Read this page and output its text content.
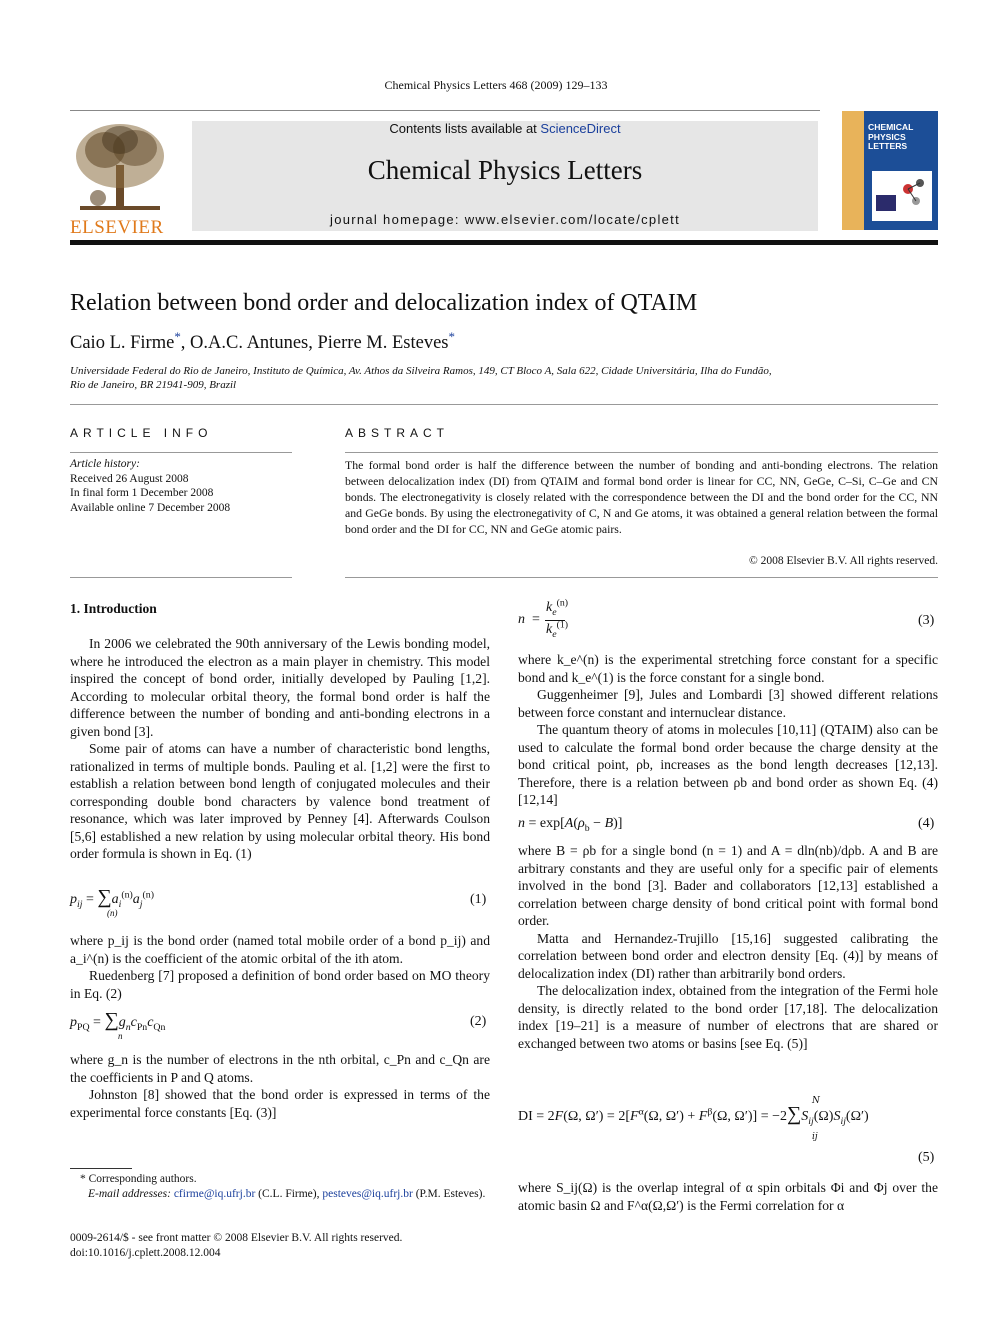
Chemical Physics Letters 468 (2009) 129–133
ELSEVIER
Contents lists available at ScienceDirect
Chemical Physics Letters
journal homepage: www.elsevier.com/locate/cplett
CHEMICAL PHYSICS LETTERS
Relation between bond order and delocalization index of QTAIM
Caio L. Firme*, O.A.C. Antunes, Pierre M. Esteves*
Universidade Federal do Rio de Janeiro, Instituto de Química, Av. Athos da Silveira Ramos, 149, CT Bloco A, Sala 622, Cidade Universitária, Ilha do Fundão,
Rio de Janeiro, BR 21941-909, Brazil
ARTICLE INFO
Article history:
Received 26 August 2008
In final form 1 December 2008
Available online 7 December 2008
ABSTRACT
The formal bond order is half the difference between the number of bonding and anti-bonding electrons. The relation between delocalization index (DI) from QTAIM and formal bond order is linear for CC, NN, GeGe, C–Si, C–Ge and CN bonds. The electronegativity is closely related with the correspondence between the DI and the bond order for the CC, NN and GeGe bonds. By using the electronegativity of C, N and Ge atoms, it was obtained a general relation between the formal bond order and the DI for CC, NN and GeGe atomic pairs.
© 2008 Elsevier B.V. All rights reserved.
1. Introduction

In 2006 we celebrated the 90th anniversary of the Lewis bonding model, where he introduced the electron as a main player in chemistry. This model inspired the concept of bond order, initially developed by Pauling [1,2]. According to molecular orbital theory, the formal bond order is half the difference between the number of bonding and anti-bonding electrons in a given bond [3].

Some pair of atoms can have a number of characteristic bond lengths, rationalized in terms of multiple bonds. Pauling et al. [1,2] were the first to establish a relation between bond length of conjugated molecules and their corresponding double bond characters by valence bond treatment of resonance, which was later improved by Penney [4]. Afterwards Coulson [5,6] established a new relation by using molecular orbital theory. His bond order formula is shown in Eq. (1)

$p_{ij} = \sum a_i^{(n)}a_j^{(n)}$
(n)
(1)

where p_ij is the bond order (named total mobile order of a bond p_ij) and a_i^(n) is the coefficient of the atomic orbital of the ith atom.

Ruedenberg [7] proposed a definition of bond order based on MO theory in Eq. (2)

$p_{PQ} = \sum g_nc_{Pn}c_{Qn}$
n
(2)

where g_n is the number of electrons in the nth orbital, c_Pn and c_Qn are the coefficients in P and Q atoms.

Johnston [8] showed that the bond order is expressed in terms of the experimental force constants [Eq. (3)]

* Corresponding authors.
E-mail addresses: cfirme@iq.ufrj.br (C.L. Firme), pesteves@iq.ufrj.br (P.M. Esteves).
0009-2614/$ - see front matter © 2008 Elsevier B.V. All rights reserved.
doi:10.1016/j.cplett.2008.12.004
n =
$k_e^{(n)}$
$k_e^{(1)}$	(3)

where k_e^(n) is the experimental stretching force constant for a specific bond and k_e^(1) is the force constant for a single bond.

Guggenheimer [9], Jules and Lombardi [3] showed different relations between force constant and internuclear distance.

The quantum theory of atoms in molecules [10,11] (QTAIM) also can be used to calculate the formal bond order because the charge density at the bond critical point, ρb, increases as the bond length decreases [12,13]. Therefore, there is a relation between ρb and bond order as shown Eq. (4) [12,14]

$n = \exp[A(\rho_b - B)]$	(4)

where B = ρb for a single bond (n = 1) and A = dln(nb)/dρb. A and B are arbitrary constants and they are useful only for a specific pair of elements involved in the bond [3]. Bader and collaborators [12,13] established a correlation between charge density of bond critical point with formal bond order.

Matta and Hernandez-Trujillo [15,16] suggested calibrating the correlation between bond order and electron density [Eq. (4)] by means of delocalization index (DI) rather than arbitrarily bond orders.

The delocalization index, obtained from the integration of the Fermi hole density, is directly related to the bond order [17,18]. The delocalization index [19–21] is a measure of number of electrons that are shared or exchanged between two atoms or basins [see Eq. (5)]

DI = 2F(Ω, $\Omega') = 2[F^\alpha(\Omega$, $\Omega') + F^\beta(\Omega$, $\Omega')] = -2\sum S_{ij}(\Omega)S_{ij}(\Omega')$
N
ij
(5)

where S_ij(Ω) is the overlap integral of α spin orbitals Φi and Φj over the atomic basin Ω and F^α(Ω,Ω′) is the Fermi correlation for α
